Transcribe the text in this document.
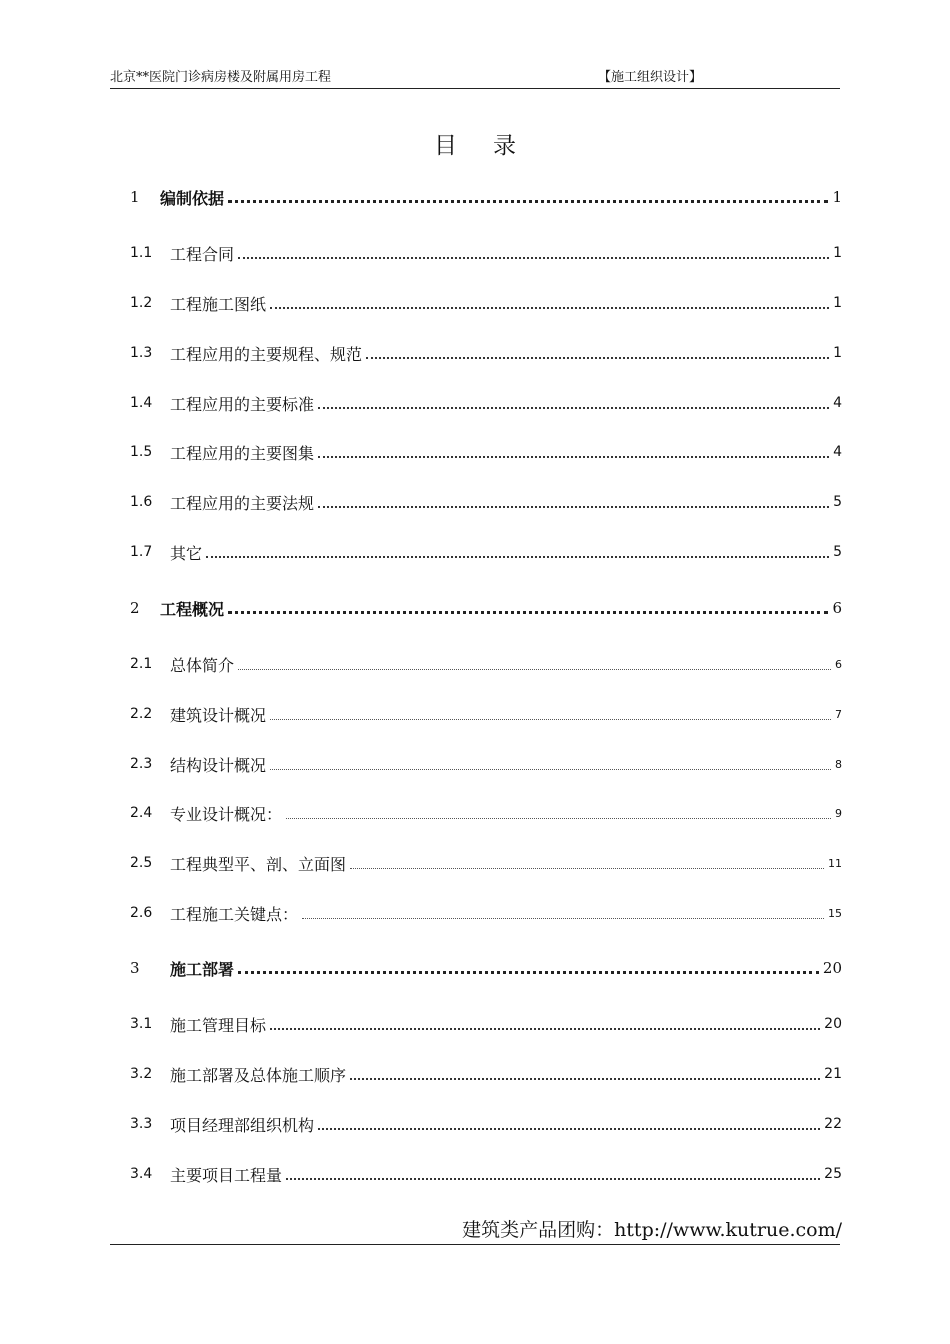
北京**医院门诊病房楼及附属用房工程	【施工组织设计】
目录
1	编制依据	1
1.1	工程合同	1
1.2	工程施工图纸	1
1.3	工程应用的主要规程、规范	1
1.4	工程应用的主要标准	4
1.5	工程应用的主要图集	4
1.6	工程应用的主要法规	5
1.7	其它	5
2	工程概况	6
2.1	总体简介	6
2.2	建筑设计概况	7
2.3	结构设计概况	8
2.4	专业设计概况：	9
2.5	工程典型平、剖、立面图	11
2.6	工程施工关键点：	15
3	施工部署	20
3.1	施工管理目标	20
3.2	施工部署及总体施工顺序	21
3.3	项目经理部组织机构	22
3.4	主要项目工程量	25
建筑类产品团购：http://www.kutrue.com/
